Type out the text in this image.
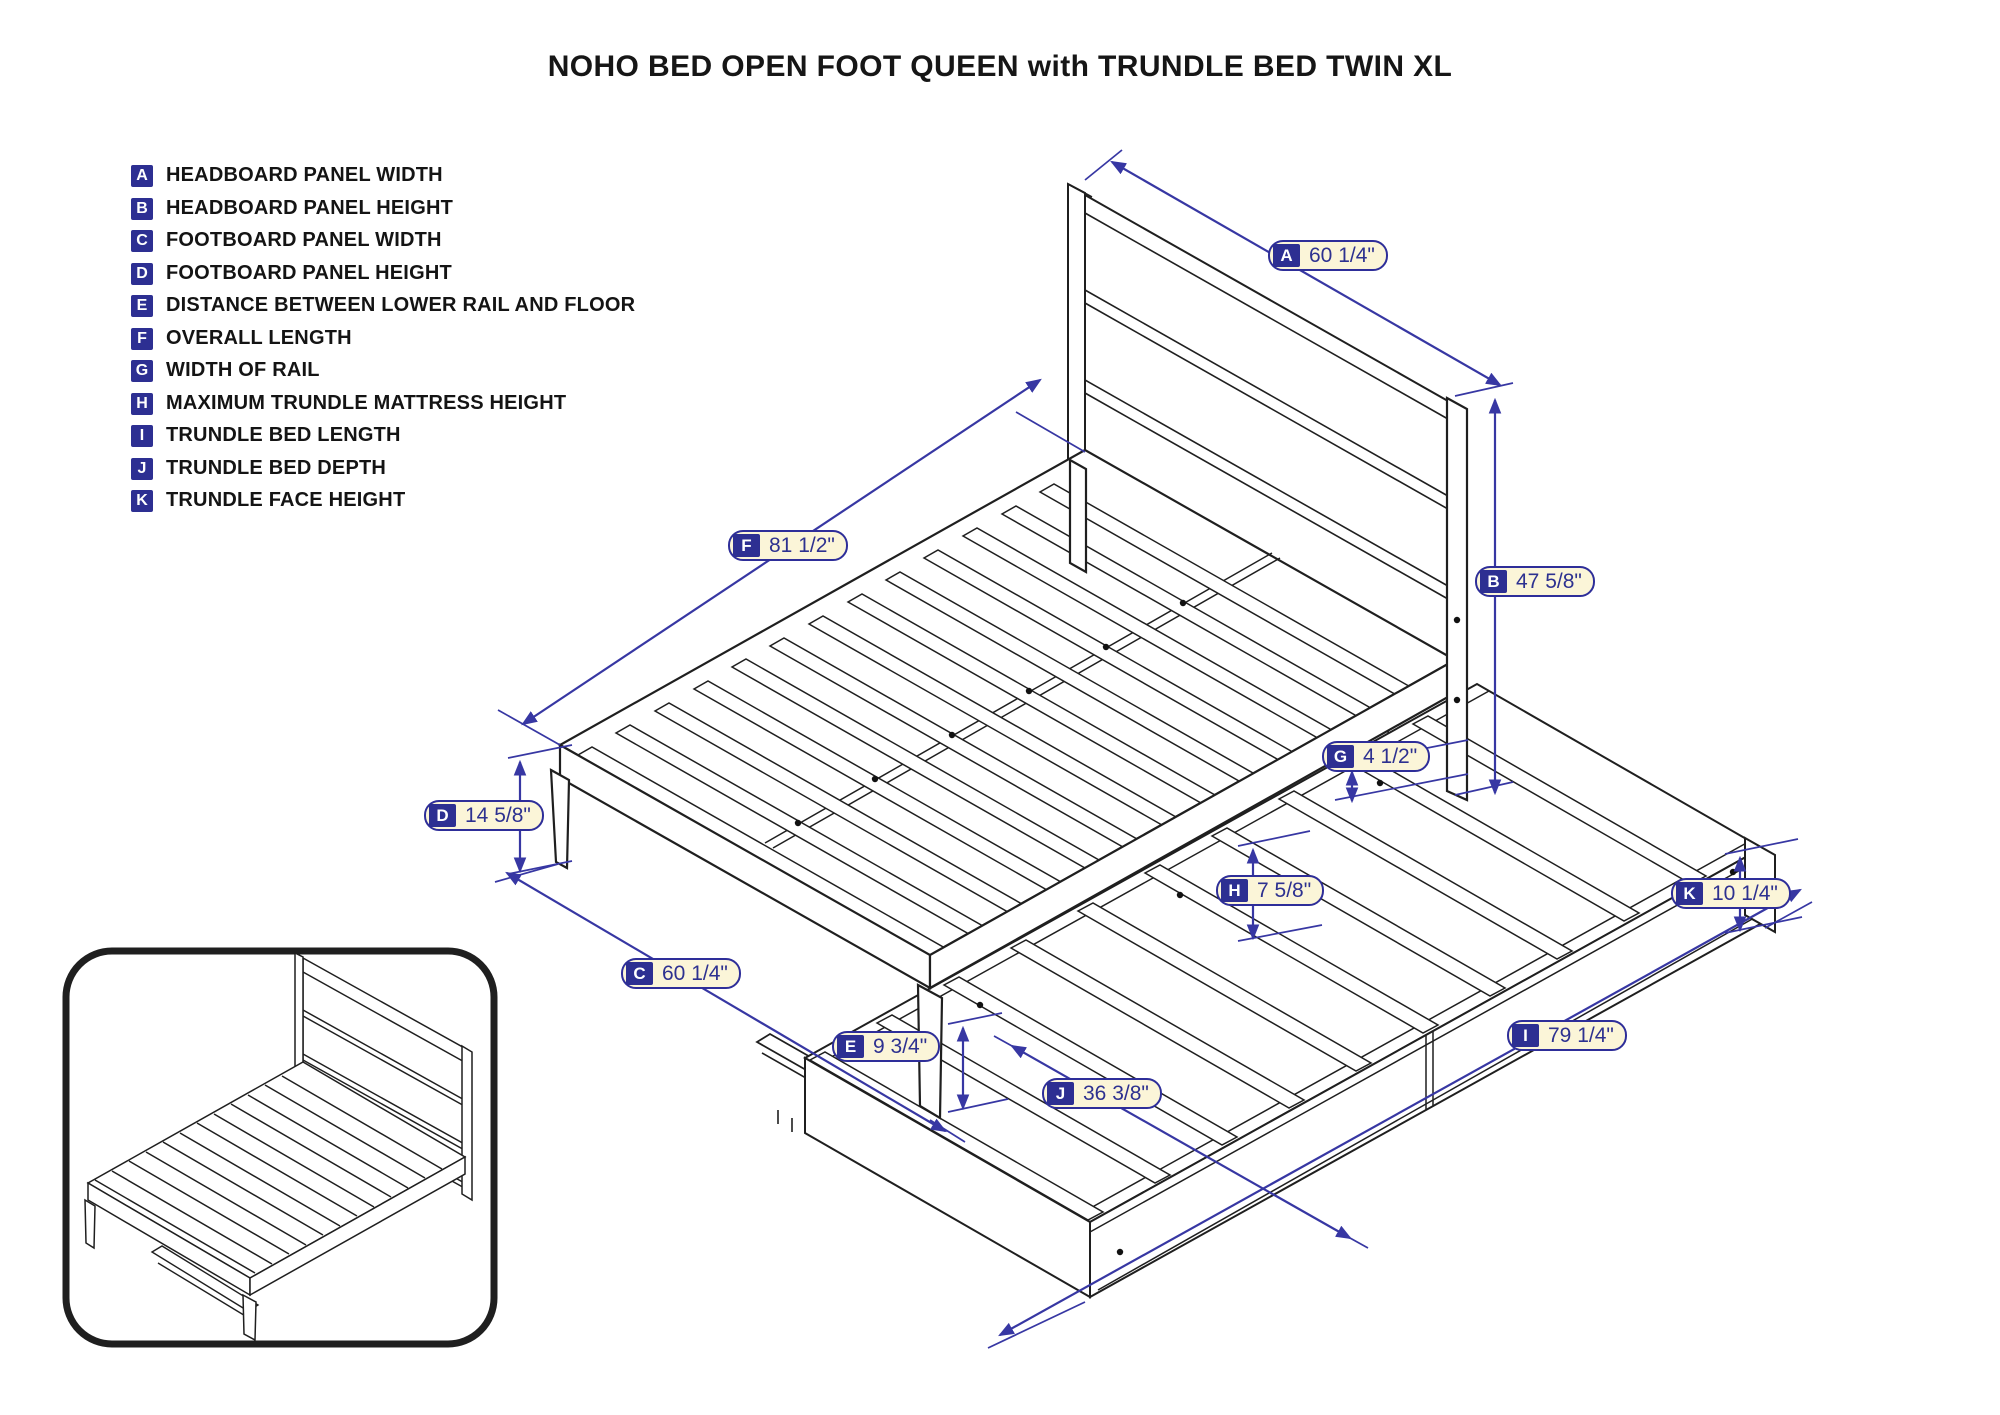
NOHO BED OPEN FOOT QUEEN with TRUNDLE BED TWIN XL
A HEADBOARD PANEL WIDTH
B HEADBOARD PANEL HEIGHT
C FOOTBOARD PANEL WIDTH
D FOOTBOARD PANEL HEIGHT
E DISTANCE BETWEEN LOWER RAIL AND FLOOR
F OVERALL LENGTH
G WIDTH OF RAIL
H MAXIMUM TRUNDLE MATTRESS HEIGHT
I	TRUNDLE BED LENGTH
J TRUNDLE BED DEPTH
K TRUNDLE FACE HEIGHT
A 60 1/4"
B 47 5/8"
F 81 1/2"
G 4 1/2"
D 14 5/8"
H 7 5/8"	K 10 1/4"
C 60 1/4"
E 9 3/4"
J 36 3/8"
I 79 1/4"
